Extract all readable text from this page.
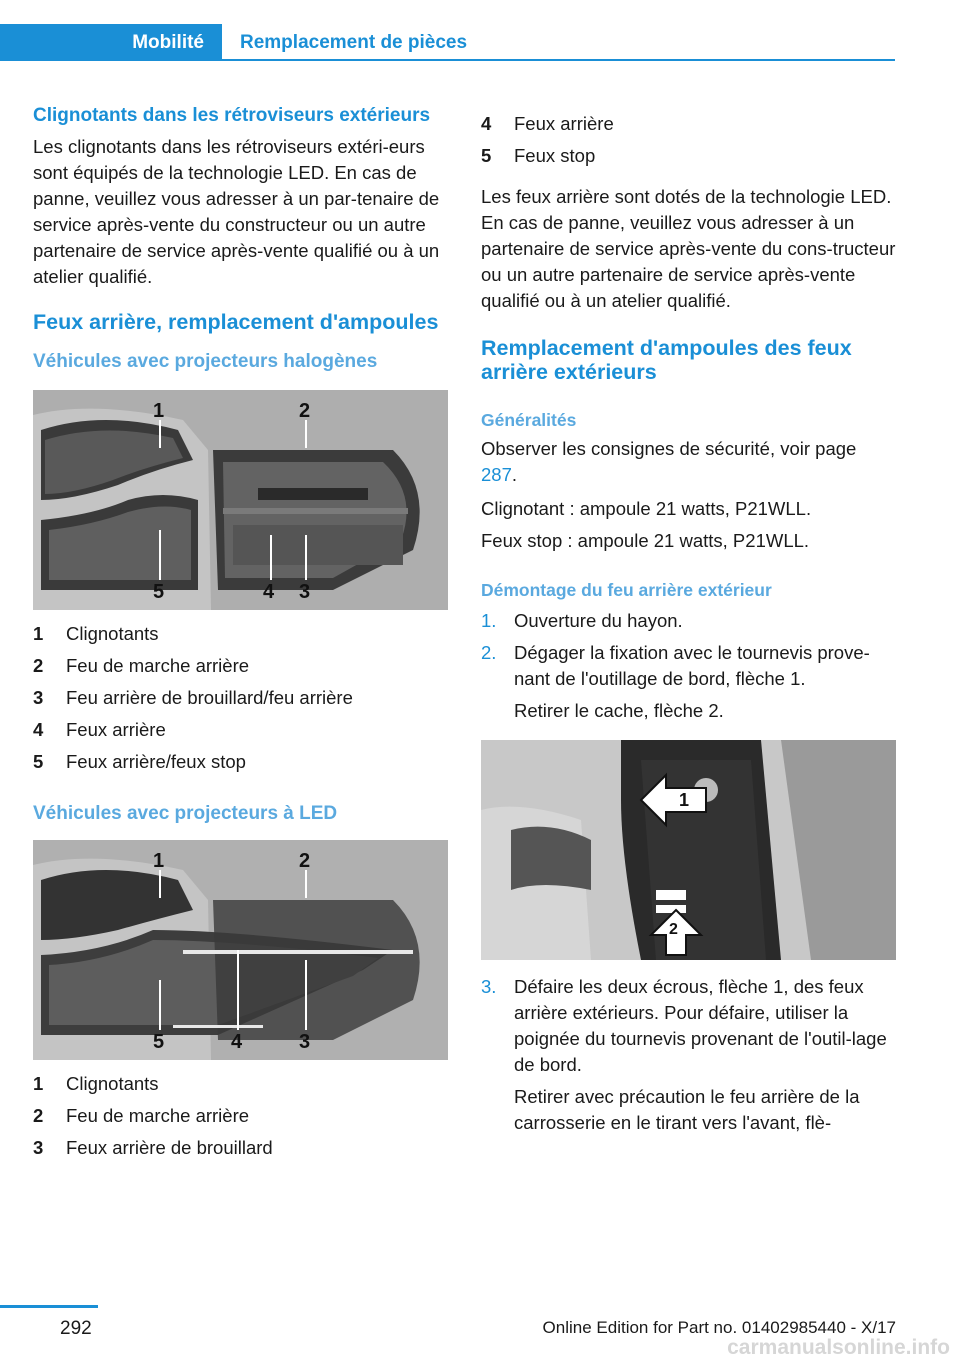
Mobilité	Remplacement de pièces
Clignotants dans les rétroviseurs extérieurs

Les clignotants dans les rétroviseurs extéri-eurs sont équipés de la technologie LED. En cas de panne, veuillez vous adresser à un par-tenaire de service après-vente du constructeur ou un autre partenaire de service après-vente qualifié ou à un atelier qualifié.

Feux arrière, remplacement d'ampoules
Véhicules avec projecteurs halogènes
1	2
3
4
5
1	Clignotants
2	Feu de marche arrière
3	Feu arrière de brouillard/feu arrière
4	Feux arrière
5	Feux arrière/feux stop
Véhicules avec projecteurs à LED
1	2
3
4
5
1	Clignotants
2	Feu de marche arrière
3	Feux arrière de brouillard
4	Feux arrière
5	Feux stop

Les feux arrière sont dotés de la technologie LED. En cas de panne, veuillez vous adresser à un partenaire de service après-vente du cons-tructeur ou un autre partenaire de service après-vente qualifié ou à un atelier qualifié.

Remplacement d'ampoules des feux arrière extérieurs
Généralités

Observer les consignes de sécurité, voir page 287.

Clignotant : ampoule 21 watts, P21WLL.

Feux stop : ampoule 21 watts, P21WLL.

Démontage du feu arrière extérieur
1. Ouverture du hayon.

2. Dégager la fixation avec le tournevis prove-nant de l'outillage de bord, flèche 1.

Retirer le cache, flèche 2.

1
2
3. Défaire les deux écrous, flèche 1, des feux arrière extérieurs. Pour défaire, utiliser la poignée du tournevis provenant de l'outil-lage de bord.

Retirer avec précaution le feu arrière de la carrosserie en le tirant vers l'avant, flè-

292	Online Edition for Part no. 01402985440 - X/17
carmanualsonline.info
